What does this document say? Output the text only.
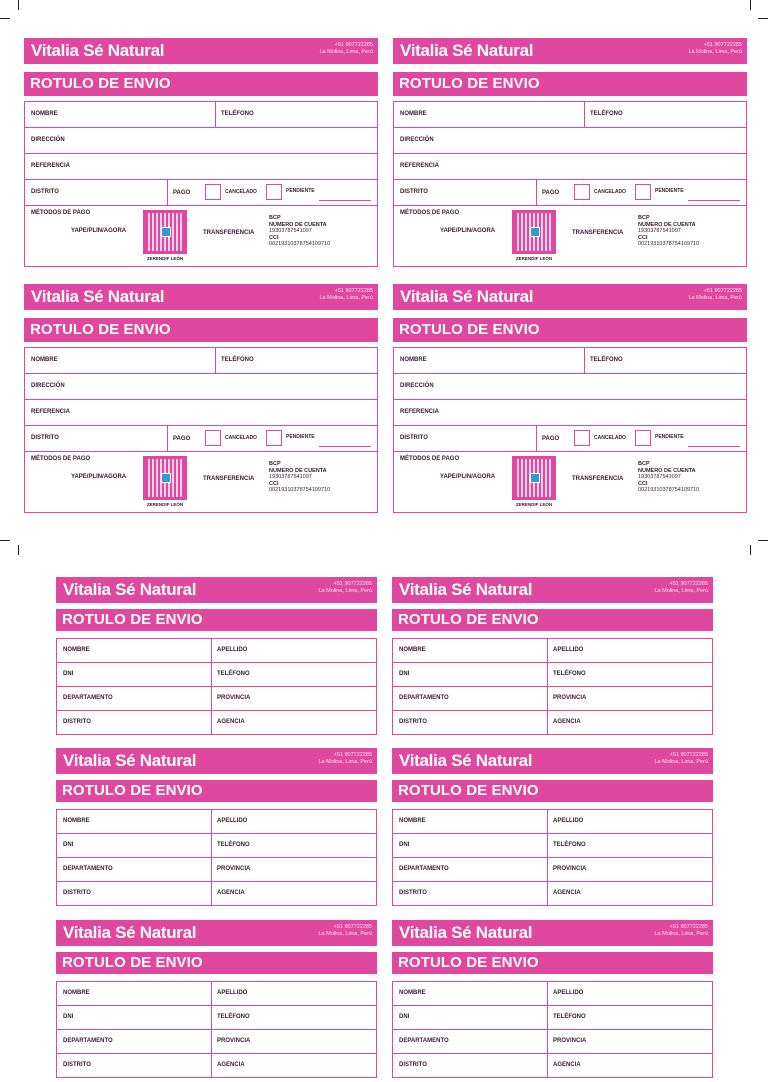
Vitalia Sé Natural	+51 907722285
La Molina, Lima, Perú
ROTULO DE ENVIO
NOMBRE	TELÉFONO
DIRECCIÓN
REFERENCIA
DISTRITO	PAGO	CANCELADO	PENDIENTE
MÉTODOS DE PAGO
YAPE/PLIN/AGORA
ZERENDIF LEÓN
TRANSFERENCIA
BCP
NUMERO DE CUENTA
19303787541097
CCI
00219310378754109710
Vitalia Sé Natural	+51 907722285
La Molina, Lima, Perú
ROTULO DE ENVIO
NOMBRE	TELÉFONO
DIRECCIÓN
REFERENCIA
DISTRITO	PAGO	CANCELADO	PENDIENTE
MÉTODOS DE PAGO
YAPE/PLIN/AGORA
ZERENDIF LEÓN
TRANSFERENCIA
BCP
NUMERO DE CUENTA
19303787541097
CCI
00219310378754109710
Vitalia Sé Natural	+51 907722285
La Molina, Lima, Perú
ROTULO DE ENVIO
NOMBRE	TELÉFONO
DIRECCIÓN
REFERENCIA
DISTRITO	PAGO	CANCELADO	PENDIENTE
MÉTODOS DE PAGO
YAPE/PLIN/AGORA
ZERENDIF LEÓN
TRANSFERENCIA
BCP
NUMERO DE CUENTA
19303787541097
CCI
00219310378754109710
Vitalia Sé Natural	+51 907722285
La Molina, Lima, Perú
ROTULO DE ENVIO
NOMBRE	TELÉFONO
DIRECCIÓN
REFERENCIA
DISTRITO	PAGO	CANCELADO	PENDIENTE
MÉTODOS DE PAGO
YAPE/PLIN/AGORA
ZERENDIF LEÓN
TRANSFERENCIA
BCP
NUMERO DE CUENTA
19303787541097
CCI
00219310378754109710
Vitalia Sé Natural	+51 907722285
La Molina, Lima, Perú
ROTULO DE ENVIO
NOMBRE	APELLIDO
DNI	TELÉFONO
DEPARTAMENTO	PROVINCIA
DISTRITO	AGENCIA
Vitalia Sé Natural	+51 907722285
La Molina, Lima, Perú
ROTULO DE ENVIO
NOMBRE	APELLIDO
DNI	TELÉFONO
DEPARTAMENTO	PROVINCIA
DISTRITO	AGENCIA
Vitalia Sé Natural	+51 907722285
La Molina, Lima, Perú
ROTULO DE ENVIO
NOMBRE	APELLIDO
DNI	TELÉFONO
DEPARTAMENTO	PROVINCIA
DISTRITO	AGENCIA
Vitalia Sé Natural	+51 907722285
La Molina, Lima, Perú
ROTULO DE ENVIO
NOMBRE	APELLIDO
DNI	TELÉFONO
DEPARTAMENTO	PROVINCIA
DISTRITO	AGENCIA
Vitalia Sé Natural	+51 907722285
La Molina, Lima, Perú
ROTULO DE ENVIO
NOMBRE	APELLIDO
DNI	TELÉFONO
DEPARTAMENTO	PROVINCIA
DISTRITO	AGENCIA
Vitalia Sé Natural	+51 907722285
La Molina, Lima, Perú
ROTULO DE ENVIO
NOMBRE	APELLIDO
DNI	TELÉFONO
DEPARTAMENTO	PROVINCIA
DISTRITO	AGENCIA
